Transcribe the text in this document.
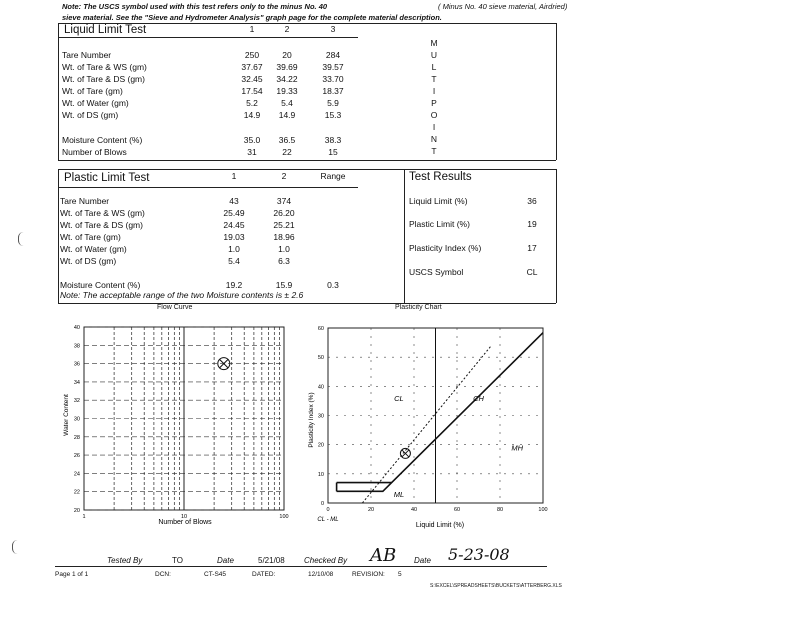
Note: The USCS symbol used with this test refers only to the minus No. 40	( Minus No. 40 sieve material, Airdried)
sieve material. See the "Sieve and Hydrometer Analysis" graph page for the complete material description.
Liquid Limit Test	1	2	3
Tare Number	250	20	284
Wt. of Tare & WS (gm)	37.67	39.69	39.57
Wt. of Tare & DS (gm)	32.45	34.22	33.70
Wt. of Tare (gm)	17.54	19.33	18.37
Wt. of Water (gm)	5.2	5.4	5.9
Wt. of DS (gm)	14.9	14.9	15.3
Moisture Content (%)	35.0	36.5	38.3
Number of Blows	31	22	15
M
U
L
T
I
P
O
I
N
T
Plastic Limit Test	Test Results
1	2	Range
Tare Number	43	374
Wt. of Tare & WS (gm)	25.49	26.20
Wt. of Tare & DS (gm)	24.45	25.21
Wt. of Tare (gm)	19.03	18.96
Wt. of Water (gm)	1.0	1.0
Wt. of DS (gm)	5.4	6.3
Moisture Content (%)	19.2	15.9	0.3
Note: The acceptable range of the two Moisture contents is ± 2.6
Liquid Limit (%)	36
Plastic Limit (%)	19
Plasticity Index (%)	17
USCS Symbol	CL
Flow Curve
20
22
24
26
28
30
32
34
36
38
40
1	10	100
Water Content
Number of Blows
Plasticity Chart
0
10
20
30
40
50
60
0	20	40	60	80	100
CL	CH
MH
ML
CL - ML
Plasticity Index (%)
Liquid Limit (%)
Tested By	TO	Date	5/21/08 Checked By AB Date 5-23-08
Page 1 of 1	DCN:	CT-S45	DATED:	12/10/08	REVISION: 5
S:\EXCEL\SPREADSHEETS\BUCKETS\ATTERBERG.XLS
